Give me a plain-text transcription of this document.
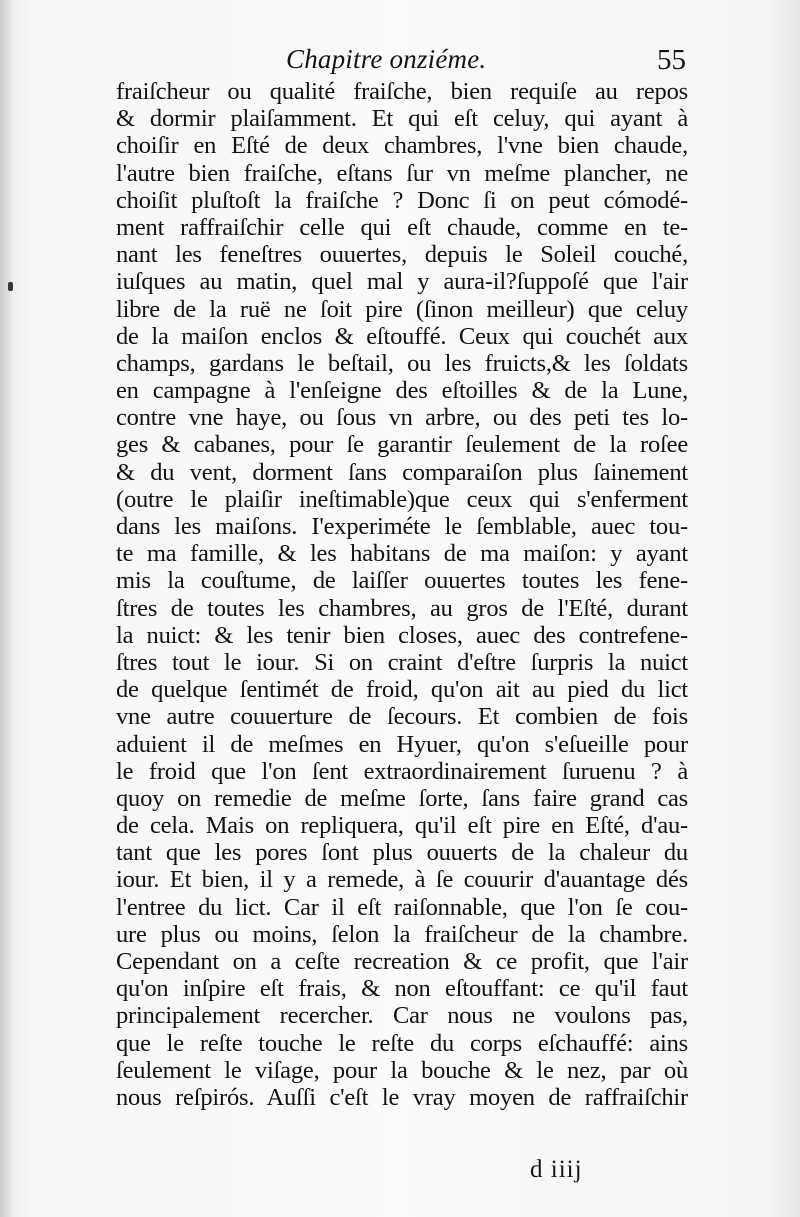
Chapitre onziéme.	55
fraiſcheur ou qualité fraiſche, bien requiſe au repos
& dormir plaiſamment. Et qui eſt celuy, qui ayant à
choiſir en Eſté de deux chambres, l'vne bien chaude,
l'autre bien fraiſche, eſtans ſur vn meſme plancher, ne
choiſit pluſtoſt la fraiſche ? Donc ſi on peut cómodé-
ment raffraiſchir celle qui eſt chaude, comme en te-
nant les feneſtres ouuertes, depuis le Soleil couché,
iuſques au matin, quel mal y aura-il?ſuppoſé que l'air
libre de la ruë ne ſoit pire (ſinon meilleur) que celuy
de la maiſon enclos & eſtouffé. Ceux qui couchét aux
champs, gardans le beſtail, ou les fruicts,& les ſoldats
en campagne à l'enſeigne des eſtoilles & de la Lune,
contre vne haye, ou ſous vn arbre, ou des peti tes lo-
ges & cabanes, pour ſe garantir ſeulement de la roſee
& du vent, dorment ſans comparaiſon plus ſainement
(outre le plaiſir ineſtimable)que ceux qui s'enferment
dans les maiſons. I'experiméte le ſemblable, auec tou-
te ma famille, & les habitans de ma maiſon: y ayant
mis la couſtume, de laiſſer ouuertes toutes les fene-
ſtres de toutes les chambres, au gros de l'Eſté, durant
la nuict: & les tenir bien closes, auec des contrefene-
ſtres tout le iour. Si on craint d'eſtre ſurpris la nuict
de quelque ſentimét de froid, qu'on ait au pied du lict
vne autre couuerture de ſecours. Et combien de fois
aduient il de meſmes en Hyuer, qu'on s'eſueille pour
le froid que l'on ſent extraordinairement ſuruenu ? à
quoy on remedie de meſme ſorte, ſans faire grand cas
de cela. Mais on repliquera, qu'il eſt pire en Eſté, d'au-
tant que les pores ſont plus ouuerts de la chaleur du
iour. Et bien, il y a remede, à ſe couurir d'auantage dés
l'entree du lict. Car il eſt raiſonnable, que l'on ſe cou-
ure plus ou moins, ſelon la fraiſcheur de la chambre.
Cependant on a ceſte recreation & ce profit, que l'air
qu'on inſpire eſt frais, & non eſtouffant: ce qu'il faut
principalement recercher. Car nous ne voulons pas,
que le reſte touche le reſte du corps eſchauffé: ains
ſeulement le viſage, pour la bouche & le nez, par où
nous reſpirós. Auſſi c'eſt le vray moyen de raffraiſchir
d iiij
